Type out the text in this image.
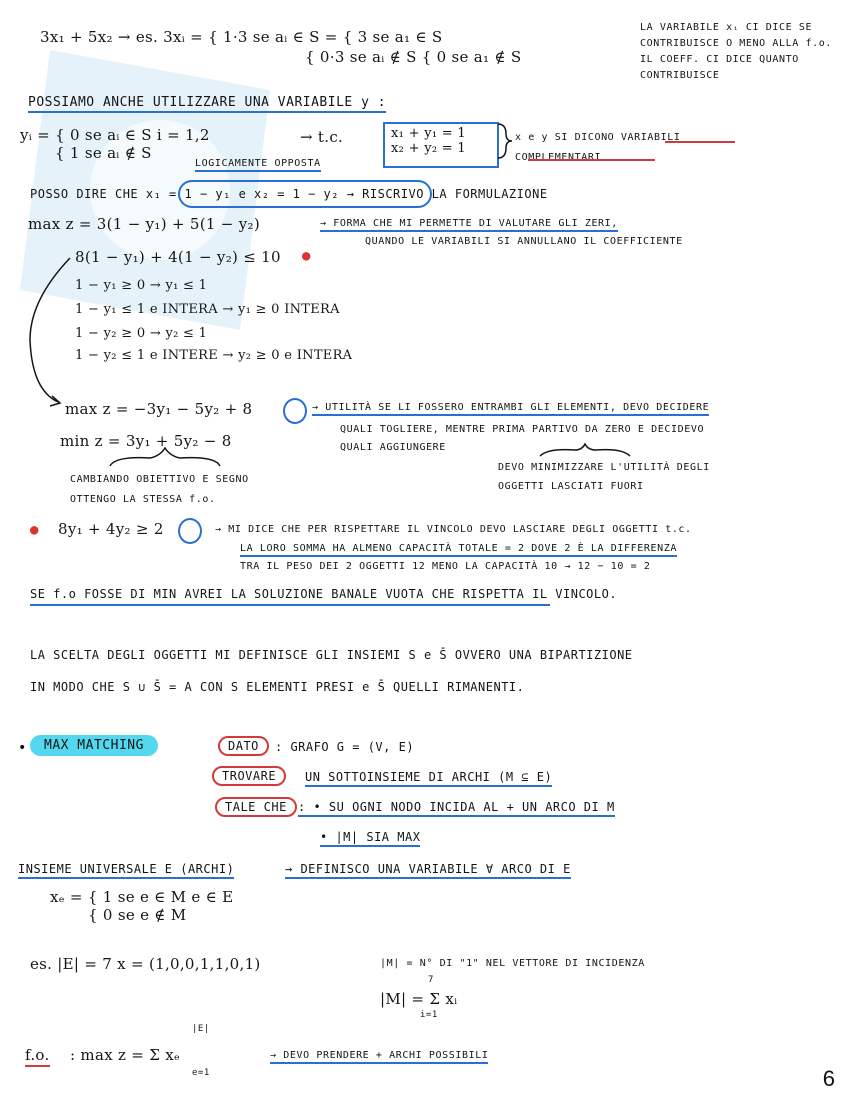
3x₁ + 5x₂ → es. 3xᵢ = { 1·3 se aᵢ ∈ S = { 3 se a₁ ∈ S
{ 0·3 se aᵢ ∉ S { 0 se a₁ ∉ S
LA VARIABILE xᵢ CI DICE SE CONTRIBUISCE O MENO ALLA f.o. IL COEFF. CI DICE QUANTO CONTRIBUISCE
POSSIAMO ANCHE UTILIZZARE UNA VARIABILE y :
yᵢ = { 0 se aᵢ ∈ S i = 1,2
{ 1 se aᵢ ∉ S
→ t.c.	x₁ + y₁ = 1
x₂ + y₂ = 1
x e y SI DICONO VARIABILI COMPLEMENTARI
LOGICAMENTE OPPOSTA
POSSO DIRE CHE x₁ = 1 − y₁ e x₂ = 1 − y₂ → RISCRIVO LA FORMULAZIONE
max z = 3(1 − y₁) + 5(1 − y₂)	→ FORMA CHE MI PERMETTE DI VALUTARE GLI ZERI,
QUANDO LE VARIABILI SI ANNULLANO IL COEFFICIENTE
8(1 − y₁) + 4(1 − y₂) ≤ 10 ●
1 − y₁ ≥ 0 → y₁ ≤ 1
1 − y₁ ≤ 1 e INTERA → y₁ ≥ 0 INTERA
1 − y₂ ≥ 0 → y₂ ≤ 1
1 − y₂ ≤ 1 e INTERE → y₂ ≥ 0 e INTERA
max z = −3y₁ − 5y₂ + 8	→ UTILITÀ SE LI FOSSERO ENTRAMBI GLI ELEMENTI, DEVO DECIDERE
QUALI TOGLIERE, MENTRE PRIMA PARTIVO DA ZERO E DECIDEVO
QUALI AGGIUNGERE
min z = 3y₁ + 5y₂ − 8
CAMBIANDO OBIETTIVO E SEGNO
OTTENGO LA STESSA f.o.
DEVO MINIMIZZARE L'UTILITÀ DEGLI
OGGETTI LASCIATI FUORI
● 8y₁ + 4y₂ ≥ 2	→ MI DICE CHE PER RISPETTARE IL VINCOLO DEVO LASCIARE DEGLI OGGETTI t.c.
LA LORO SOMMA HA ALMENO CAPACITÀ TOTALE = 2 DOVE 2 È LA DIFFERENZA
TRA IL PESO DEI 2 OGGETTI 12 MENO LA CAPACITÀ 10 → 12 − 10 = 2
SE f.o FOSSE DI MIN AVREI LA SOLUZIONE BANALE VUOTA CHE RISPETTA IL VINCOLO.
LA SCELTA DEGLI OGGETTI MI DEFINISCE GLI INSIEMI S e S̄ OVVERO UNA BIPARTIZIONE
IN MODO CHE S ∪ S̄ = A CON S ELEMENTI PRESI e S̄ QUELLI RIMANENTI.
•	MAX MATCHING	DATO	: GRAFO G = (V, E)
TROVARE	UN SOTTOINSIEME DI ARCHI (M ⊆ E)
TALE CHE : • SU OGNI NODO INCIDA AL + UN ARCO DI M
• |M| SIA MAX
INSIEME UNIVERSALE E (ARCHI)	→ DEFINISCO UNA VARIABILE ∀ ARCO DI E
xₑ = { 1 se e ∈ M e ∈ E
{ 0 se e ∉ M
es. |E| = 7 x = (1,0,0,1,1,0,1)	|M| = N° DI "1" NEL VETTORE DI INCIDENZA
|M| = Σ xᵢ
7
i=1
f.o. : max z = Σ xₑ
|E|
e=1
→ DEVO PRENDERE + ARCHI POSSIBILI
6
